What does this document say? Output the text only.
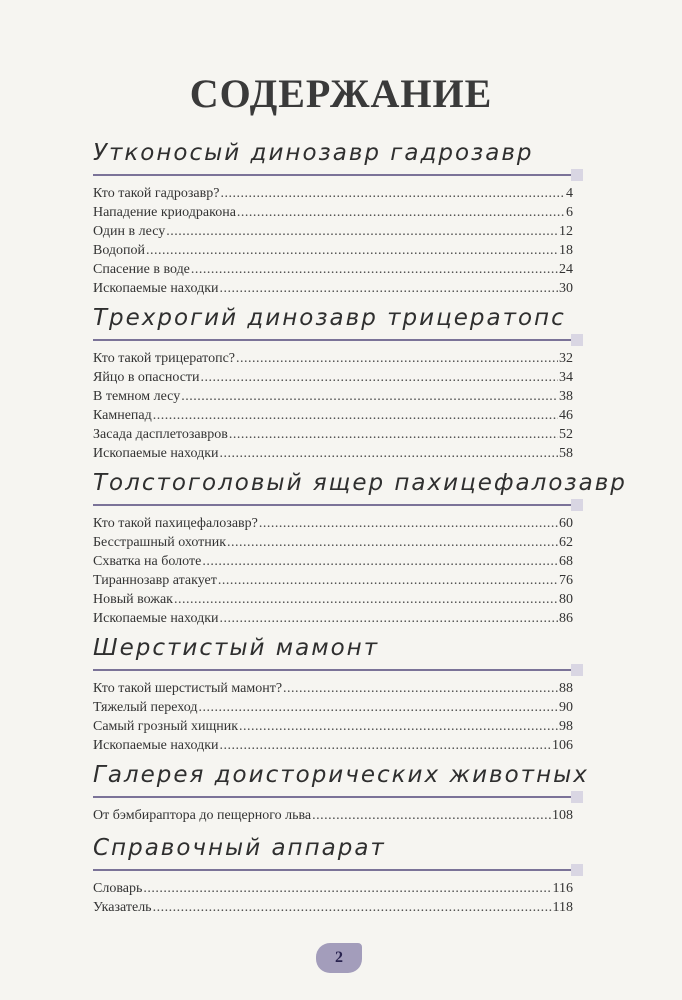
СОДЕРЖАНИЕ
Утконосый динозавр гадрозавр
Кто такой гадрозавр? .....	4
Нападение криодракона .....	6
Один в лесу .....	12
Водопой .....	18
Спасение в воде .....	24
Ископаемые находки .....	30
Трехрогий динозавр трицератопс
Кто такой трицератопс? .....	32
Яйцо в опасности .....	34
В темном лесу .....	38
Камнепад .....	46
Засада дасплетозавров .....	52
Ископаемые находки .....	58
Толстоголовый ящер пахицефалозавр
Кто такой пахицефалозавр? .....	60
Бесстрашный охотник .....	62
Схватка на болоте .....	68
Тираннозавр атакует .....	76
Новый вожак .....	80
Ископаемые находки .....	86
Шерстистый мамонт
Кто такой шерстистый мамонт? .....	88
Тяжелый переход .....	90
Самый грозный хищник .....	98
Ископаемые находки .....	106
Галерея доисторических животных
От бэмбираптора до пещерного льва .....	108
Справочный аппарат
Словарь .....	116
Указатель .....	118
2
